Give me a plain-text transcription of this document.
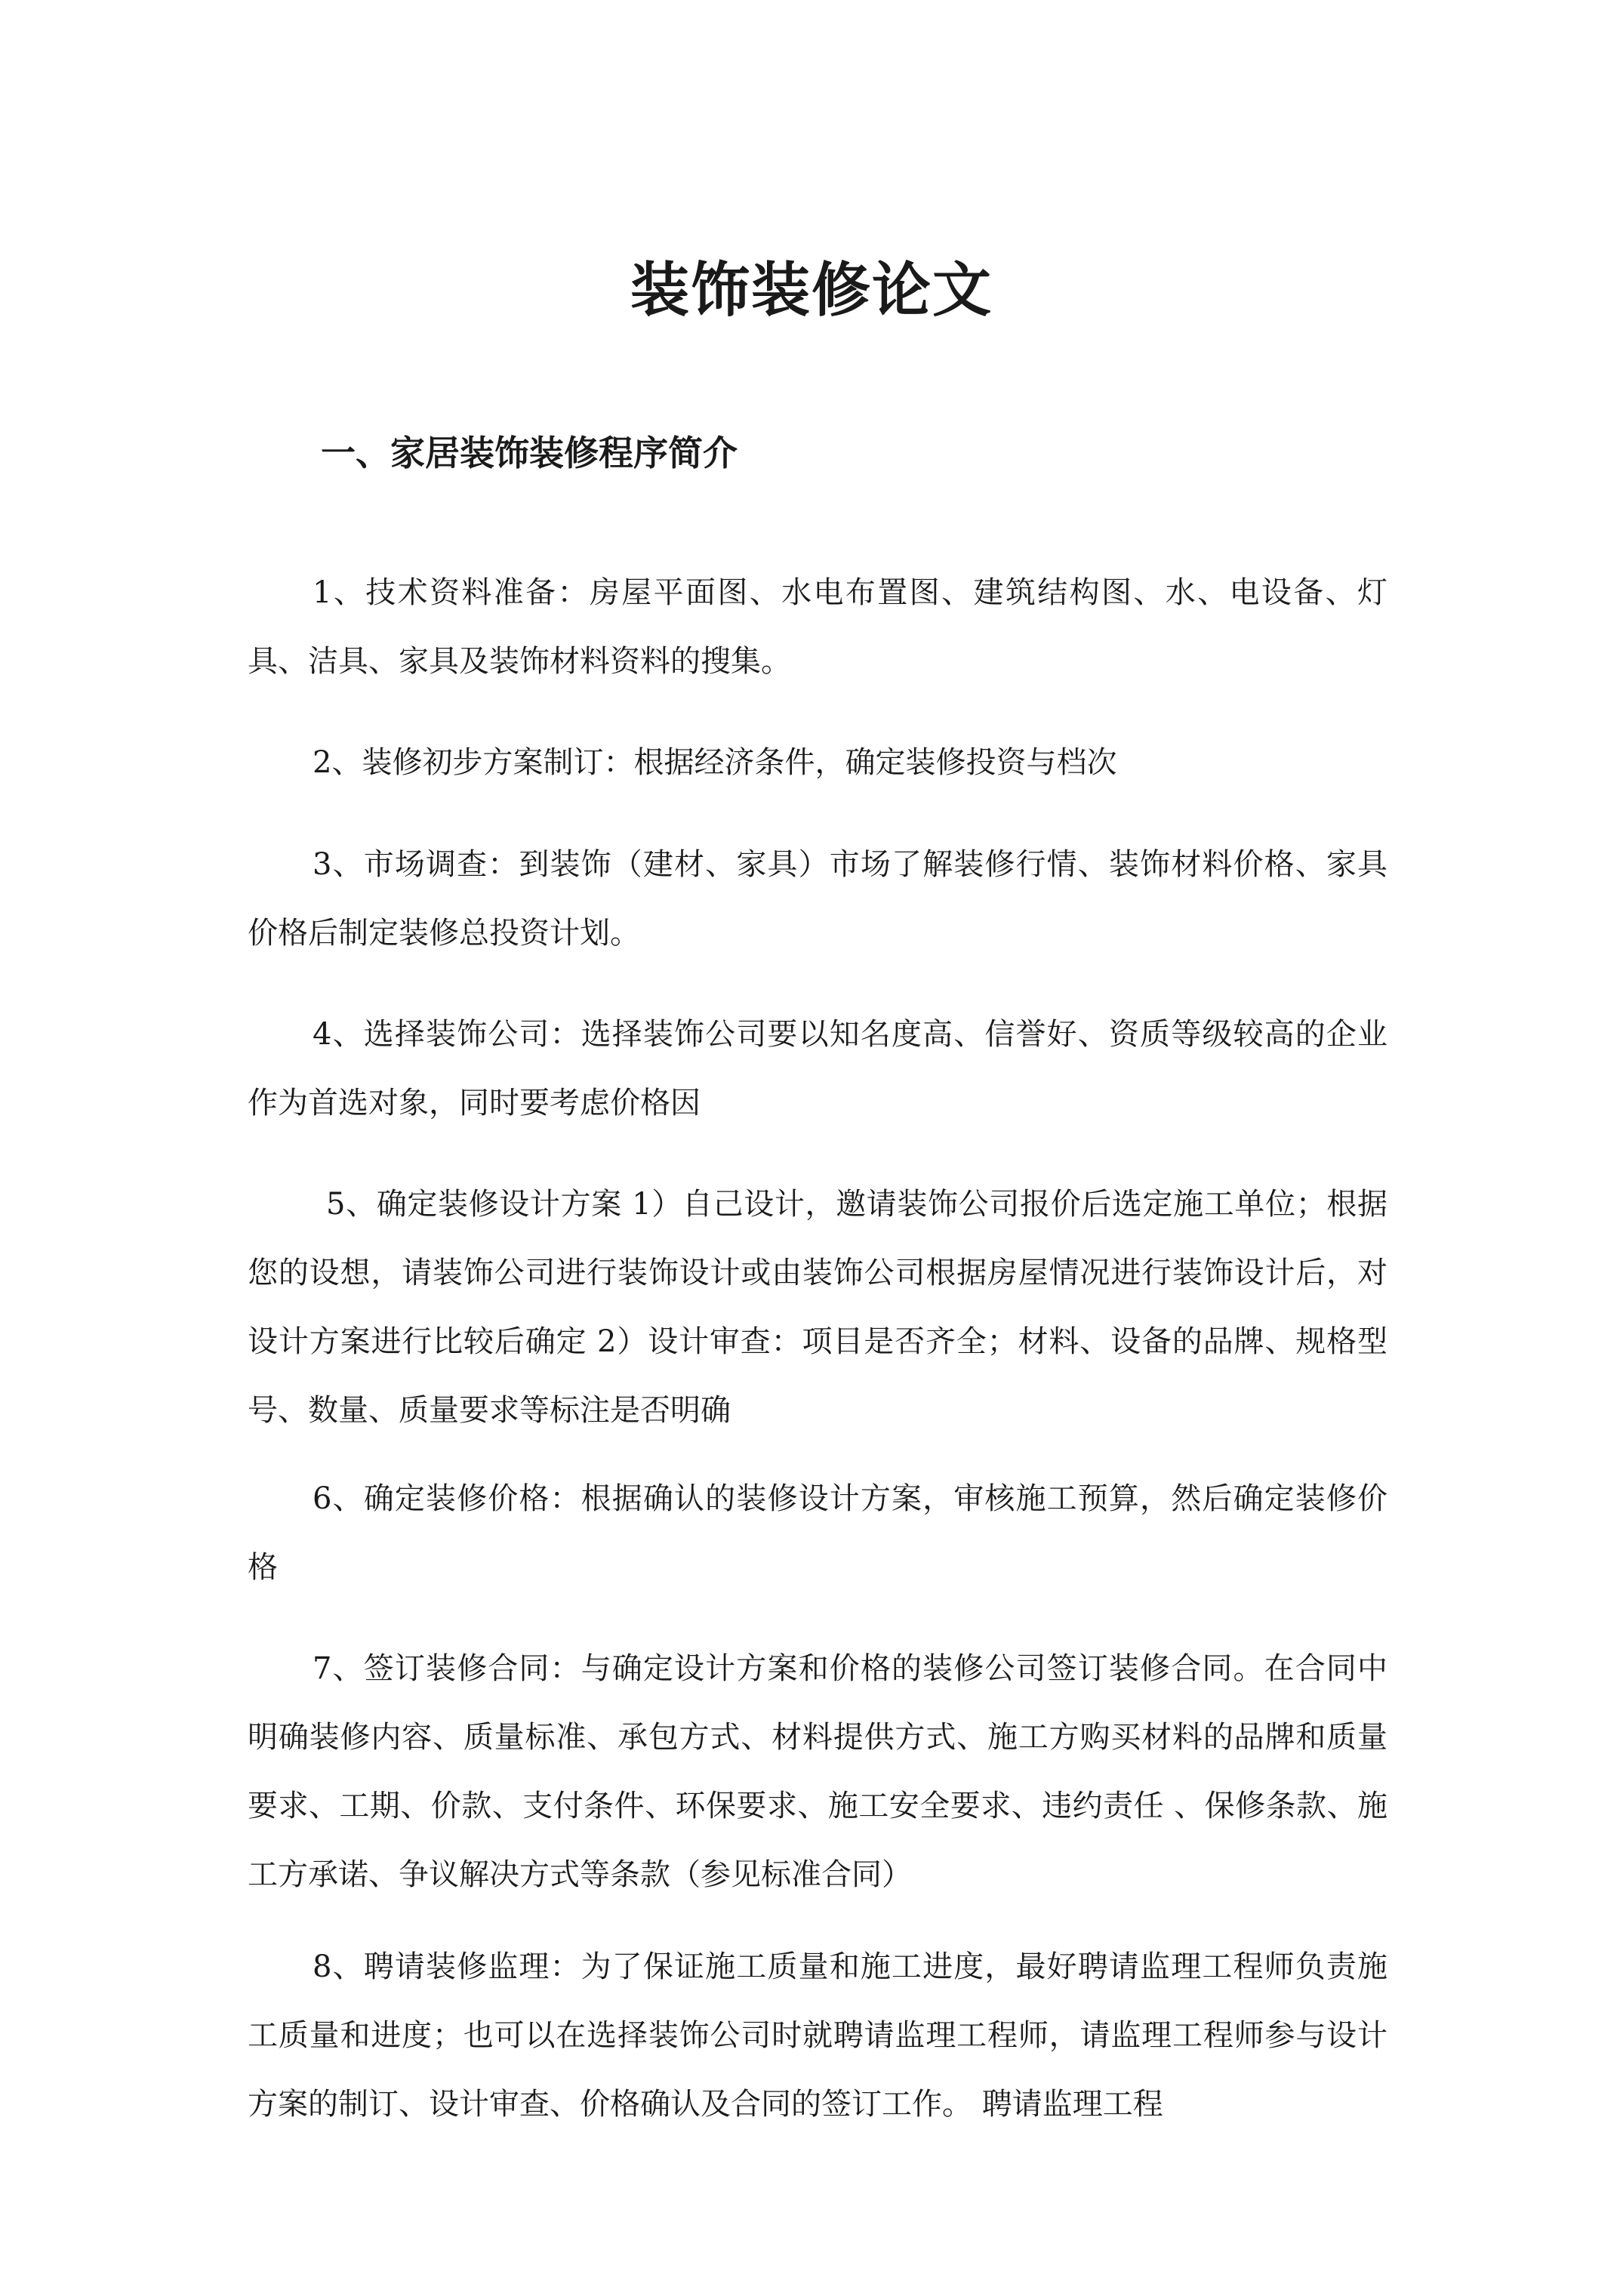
装饰装修论文
一、家居装饰装修程序简介

1、技术资料准备：房屋平面图、水电布置图、建筑结构图、水、电设备、灯具、洁具、家具及装饰材料资料的搜集。

2、装修初步方案制订：根据经济条件，确定装修投资与档次

3、市场调查：到装饰（建材、家具）市场了解装修行情、装饰材料价格、家具价格后制定装修总投资计划。

4、选择装饰公司：选择装饰公司要以知名度高、信誉好、资质等级较高的企业作为首选对象，同时要考虑价格因

5、确定装修设计方案 1）自己设计，邀请装饰公司报价后选定施工单位；根据您的设想，请装饰公司进行装饰设计或由装饰公司根据房屋情况进行装饰设计后，对设计方案进行比较后确定 2）设计审查：项目是否齐全；材料、设备的品牌、规格型号、数量、质量要求等标注是否明确

6、确定装修价格：根据确认的装修设计方案，审核施工预算，然后确定装修价格

7、签订装修合同：与确定设计方案和价格的装修公司签订装修合同。在合同中明确装修内容、质量标准、承包方式、材料提供方式、施工方购买材料的品牌和质量要求、工期、价款、支付条件、环保要求、施工安全要求、违约责任 、保修条款、施工方承诺、争议解决方式等条款（参见标准合同）

8、聘请装修监理：为了保证施工质量和施工进度，最好聘请监理工程师负责施工质量和进度；也可以在选择装饰公司时就聘请监理工程师，请监理工程师参与设计方案的制订、设计审查、价格确认及合同的签订工作。 聘请监理工程
